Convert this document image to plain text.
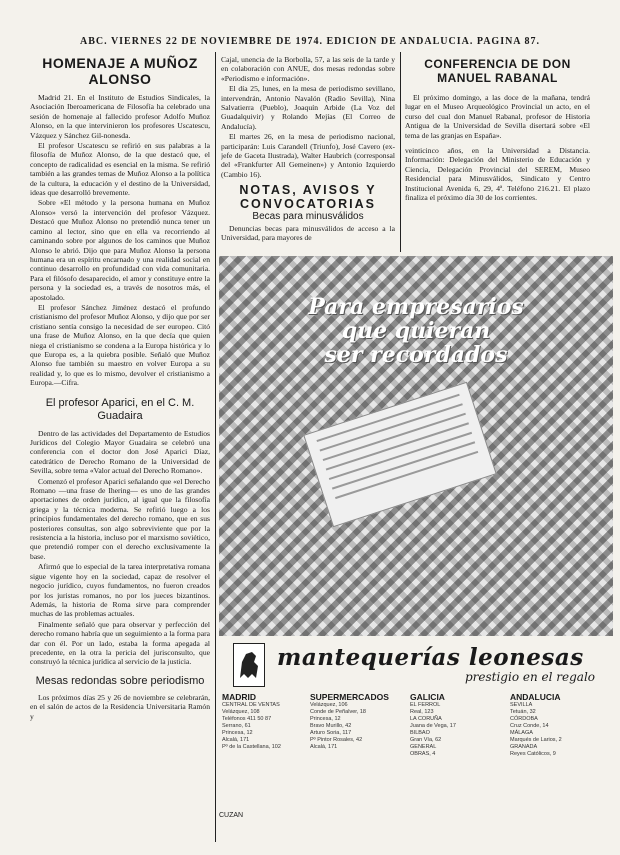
ABC. VIERNES 22 DE NOVIEMBRE DE 1974. EDICION DE ANDALUCIA. PAGINA 87.
HOMENAJE A MUÑOZ ALONSO

Madrid 21. En el Instituto de Estudios Sindicales, la Asociación Iberoamericana de Filosofía ha celebrado una sesión de homenaje al fallecido profesor Adolfo Muñoz Alonso, en la que intervinieron los profesores Uscatescu, Vázquez y Sánchez Gil-nonesda.

El profesor Uscatescu se refirió en sus palabras a la filosofía de Muñoz Alonso, de la que destacó que, el concepto de radicalidad es esencial en la misma. Se refirió también a las grandes temas de Muñoz Alonso a la política de la cultura, la educación y el destino de la Universidad, ideas que desarrolló brevemente.

Sobre «El método y la persona humana en Muñoz Alonso» versó la intervención del profesor Vázquez. Destacó que Muñoz Alonso no pretendió nunca tener un camino al lector, sino que en ella va recorriendo al caminando sobre por algunos de los caminos que Muñoz Alonso le abrió. Dijo que para Muñoz Alonso la persona humana era un espíritu encarnado y una realidad social en continuo desarrollo en profundidad con vida comunitaria. Para el filósofo desaparecido, el amor y constituye entre la persona y la sociedad es, a través de nosotros más, el apostolado.

El profesor Sánchez Jiménez destacó el profundo cristianismo del profesor Muñoz Alonso, y dijo que por ser cristiano sentía consigo la necesidad de ser europeo. Citó una frase de Muñoz Alonso, en la que decía que quien niega el cristianismo se condena a la Europa histórica y lo que Europa es, a la quiebra posible. Señaló que Muñoz Alonso fue también su maestro en volver Europa a su realidad y, lo que es lo mismo, devolver el cristianismo a Europa.—Cifra.

El profesor Aparici, en el C. M. Guadaira

Dentro de las actividades del Departamento de Estudios Jurídicos del Colegio Mayor Guadaira se celebró una conferencia con el doctor don José Aparici Díaz, catedrático de Derecho Romano de la Universidad de Sevilla, sobre tema «Valor actual del Derecho Romano».

Comenzó el profesor Aparici señalando que «el Derecho Romano —una frase de Ihering— es uno de las grandes aportaciones de orden jurídico, al igual que la filosofía griega y la técnica moderna. Se refirió luego a los principios fundamentales del derecho romano, que en sus posteriores consultas, son algo sobreviviente que por la resistencia a la historia, incluso por el marxismo soviético, que pretendió romper con el derecho exclusivamente la base.

Afirmó que lo especial de la tarea interpretativa romana sigue vigente hoy en la sociedad, capaz de resolver el negocio jurídico, cuyos fundamentos, no fueron creados por los juristas romanos, no por los jueces bizantinos. Además, la historia de Roma sirve para comprender muchas de las problemas actuales.

Finalmente señaló que para observar y perfección del derecho romano habría que un seguimiento a la forma para dar con él. Por un lado, estaba la forma apegada al precedente, en la otra la pericia del jurisconsulto, que construyó la técnica jurídica al servicio de la justicia.

Mesas redondas sobre periodismo

Los próximos días 25 y 26 de noviembre se celebrarán, en el salón de actos de la Residencia Universitaria Ramón y

Cajal, unencia de la Borbolla, 57, a las seis de la tarde y en colaboración con ANUE, dos mesas redondas sobre «Periodismo e información».

El día 25, lunes, en la mesa de periodismo sevillano, intervendrán, Antonio Navalón (Radio Sevilla), Nina Salvatierra (Pueblo), Joaquín Arbide (La Voz del Guadalquivir) y Rolando Mejías (El Correo de Andalucía).

El martes 26, en la mesa de periodismo nacional, participarán: Luis Carandell (Triunfo), José Cavero (ex-jefe de Gaceta Ilustrada), Walter Haubrich (corresponsal del «Frankfurter All Gemeinen») y Antonio Izquierdo (Cambio 16).

NOTAS, AVISOS Y CONVOCATORIAS
Becas para minusválidos

Denuncias becas para minusválidos de acceso a la Universidad, para mayores de

CONFERENCIA DE DON MANUEL RABANAL

El próximo domingo, a las doce de la mañana, tendrá lugar en el Museo Arqueológico Provincial un acto, en el curso del cual don Manuel Rabanal, profesor de Historia Antigua de la Universidad de Sevilla disertará sobre «El tema de las granjas en España».

veinticinco años, en la Universidad a Distancia. Información: Delegación del Ministerio de Educación y Ciencia, Delegación Provincial del SEREM, Museo Residencial para Minusválidos, Sindicato y Centro Institucional Avenida 6, 29, 4ª. Teléfono 216.21. El plazo finaliza el próximo día 30 de los corrientes.

Para empresarios
que quieran
ser recordados
mantequerías leonesas
prestigio en el regalo
MADRID
CENTRAL DE VENTAS
Velázquez, 108
Teléfonos 411 50 87
Serrano, 61
Princesa, 12
Alcalá, 171
Pº de la Castellana, 102
SUPERMERCADOS
Velázquez, 106
Conde de Peñalver, 18
Princesa, 12
Bravo Murillo, 42
Arturo Soria, 117
Pº Pintor Rosales, 42
Alcalá, 171
GALICIA
EL FERROL
Real, 123
LA CORUÑA
Juana de Vega, 17
BILBAO
Gran Vía, 62
GENERAL
OBRAS, 4
ANDALUCIA
SEVILLA
Tetuán, 32
CÓRDOBA
Cruz Conde, 14
MÁLAGA
Marqués de Larios, 2
GRANADA
Reyes Católicos, 9
CUZAN
